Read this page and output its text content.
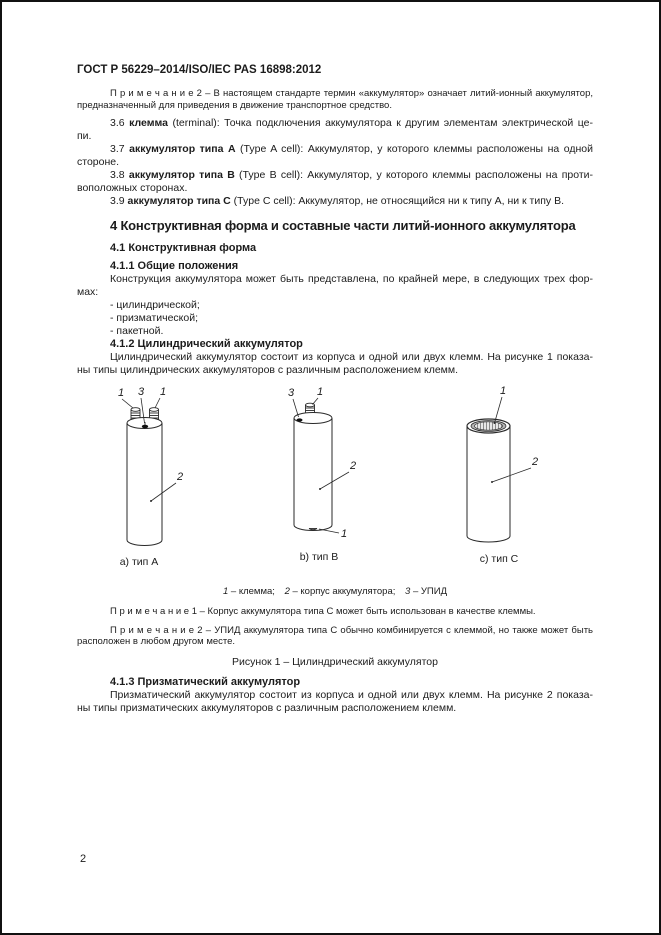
ГОСТ Р 56229–2014/ISO/IEC PAS 16898:2012
П р и м е ч а н и е 2 – В настоящем стандарте термин «аккумулятор» означает литий-ионный аккумулятор,
предназначенный для приведения в движение транспортное средство.
3.6 клемма (terminal): Точка подключения аккумулятора к другим элементам электрической це-
пи.
3.7 аккумулятор типа А (Type A cell): Аккумулятор, у которого клеммы расположены на одной
стороне.
3.8 аккумулятор типа В (Type B cell): Аккумулятор, у которого клеммы расположены на проти-
воположных сторонах.
3.9 аккумулятор типа С (Type C cell): Аккумулятор, не относящийся ни к типу А, ни к типу В.
4 Конструктивная форма и составные части литий-ионного аккумулятора
4.1 Конструктивная форма
4.1.1 Общие положения
Конструкция аккумулятора может быть представлена, по крайней мере, в следующих трех фор-
мах:
- цилиндрической;
- призматической;
- пакетной.
4.1.2 Цилиндрический аккумулятор
Цилиндрический аккумулятор состоит из корпуса и одной или двух клемм. На рисунке 1 показа-
ны типы цилиндрических аккумуляторов с различным расположением клемм.
1 3 1
2
3 1
2
1
1
2
a) тип А	b) тип B	c) тип C
1 – клемма; 2 – корпус аккумулятора; 3 – УПИД
П р и м е ч а н и е 1 – Корпус аккумулятора типа С может быть использован в качестве клеммы.
П р и м е ч а н и е 2 – УПИД аккумулятора типа С обычно комбинируется с клеммой, но также может быть
расположен в любом другом месте.
Рисунок 1 – Цилиндрический аккумулятор
4.1.3 Призматический аккумулятор
Призматический аккумулятор состоит из корпуса и одной или двух клемм. На рисунке 2 показа-
ны типы призматических аккумуляторов с различным расположением клемм.
2
